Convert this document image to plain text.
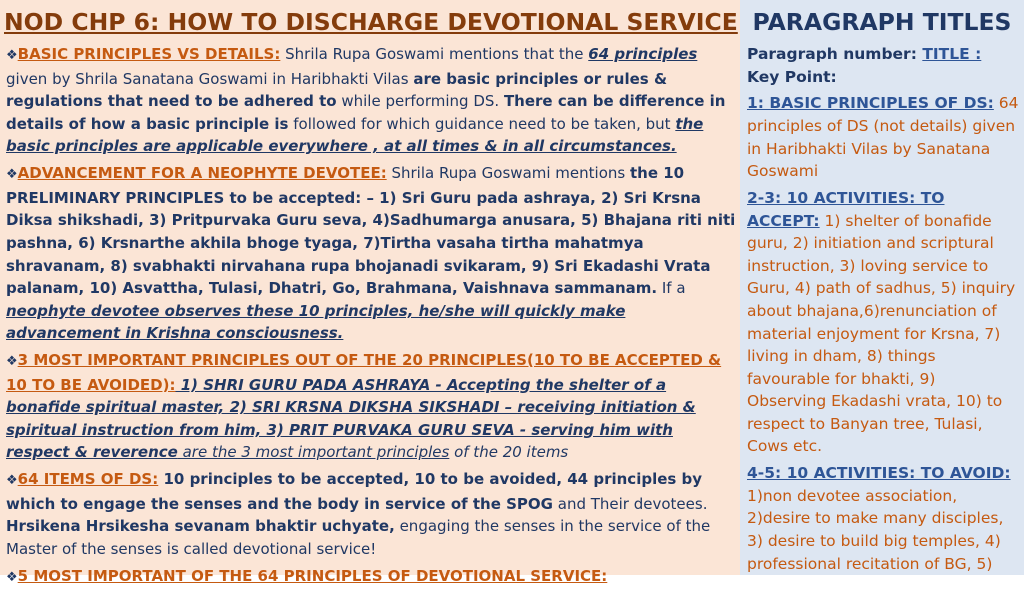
NOD CHP 6: HOW TO DISCHARGE DEVOTIONAL SERVICE

❖BASIC PRINCIPLES VS DETAILS: Shrila Rupa Goswami mentions that the 64 principles given by Shrila Sanatana Goswami in Haribhakti Vilas are basic principles or rules & regulations that need to be adhered to while performing DS. There can be difference in details of how a basic principle is followed for which guidance need to be taken, but the basic principles are applicable everywhere , at all times & in all circumstances.

❖ADVANCEMENT FOR A NEOPHYTE DEVOTEE: Shrila Rupa Goswami mentions the 10 PRELIMINARY PRINCIPLES to be accepted: – 1) Sri Guru pada ashraya, 2) Sri Krsna Diksa shikshadi, 3) Pritpurvaka Guru seva, 4)Sadhumarga anusara, 5) Bhajana riti niti pashna, 6) Krsnarthe akhila bhoge tyaga, 7)Tirtha vasaha tirtha mahatmya shravanam, 8) svabhakti nirvahana rupa bhojanadi svikaram, 9) Sri Ekadashi Vrata palanam, 10) Asvattha, Tulasi, Dhatri, Go, Brahmana, Vaishnava sammanam. If a neophyte devotee observes these 10 principles, he/she will quickly make advancement in Krishna consciousness.

❖3 MOST IMPORTANT PRINCIPLES OUT OF THE 20 PRINCIPLES(10 TO BE ACCEPTED & 10 TO BE AVOIDED): 1) SHRI GURU PADA ASHRAYA - Accepting the shelter of a bonafide spiritual master, 2) SRI KRSNA DIKSHA SIKSHADI – receiving initiation & spiritual instruction from him, 3) PRIT PURVAKA GURU SEVA - serving him with respect & reverence are the 3 most important principles of the 20 items

❖64 ITEMS OF DS: 10 principles to be accepted, 10 to be avoided, 44 principles by which to engage the senses and the body in service of the SPOG and Their devotees. Hrsikena Hrsikesha sevanam bhaktir uchyate, engaging the senses in the service of the Master of the senses is called devotional service!

❖5 MOST IMPORTANT OF THE 64 PRINCIPLES OF DEVOTIONAL SERVICE:

PARAGRAPH TITLES

Paragraph number: TITLE : Key Point:

1: BASIC PRINCIPLES OF DS: 64 principles of DS (not details) given in Haribhakti Vilas by Sanatana Goswami

2-3: 10 ACTIVITIES: TO ACCEPT: 1) shelter of bonafide guru, 2) initiation and scriptural instruction, 3) loving service to Guru, 4) path of sadhus, 5) inquiry about bhajana,6)renunciation of material enjoyment for Krsna, 7) living in dham, 8) things favourable for bhakti, 9) Observing Ekadashi vrata, 10) to respect to Banyan tree, Tulasi, Cows etc.

4-5: 10 ACTIVITIES: TO AVOID: 1)non devotee association, 2)desire to make many disciples, 3) desire to build big temples, 4) professional recitation of BG, 5)
